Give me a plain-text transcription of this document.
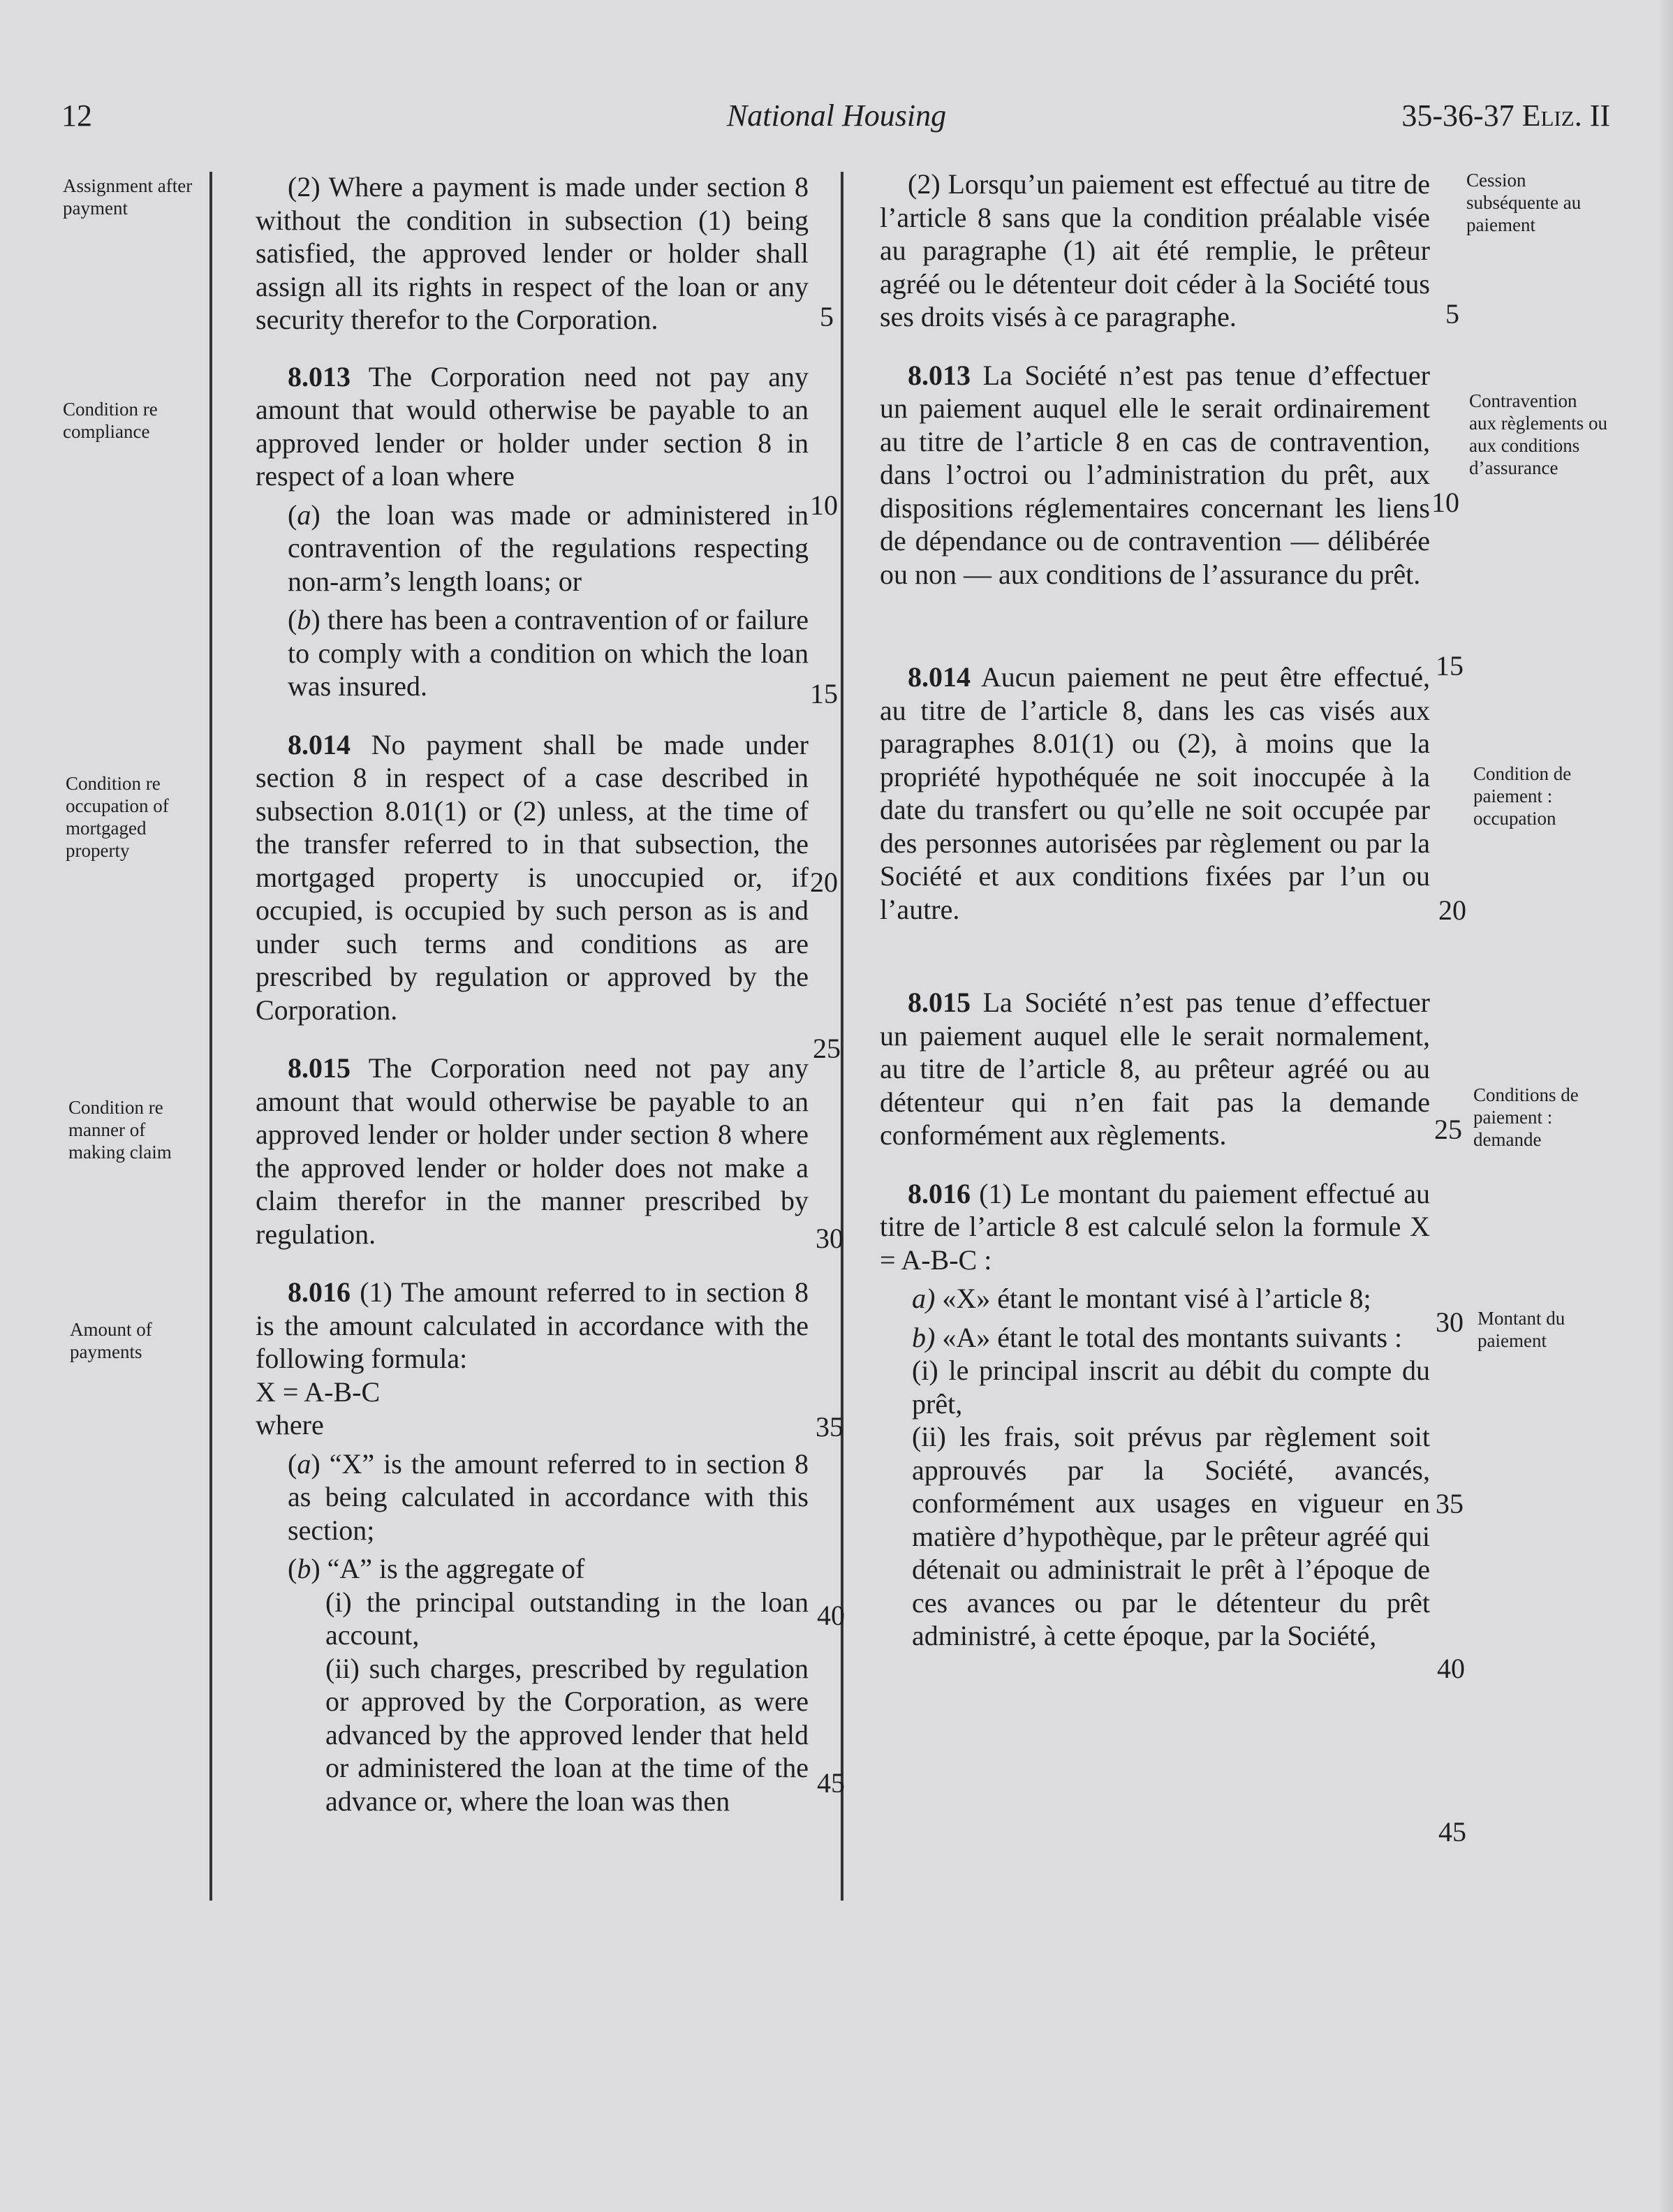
12	National Housing	35-36-37 Eliz. II
Assignment after payment
Condition re compliance
Condition re occupation of mortgaged property
Condition re manner of making claim
Amount of payments
Cession subséquente au paiement
Contravention aux règlements ou aux conditions d’assurance
Condition de paiement : occupation
Conditions de paiement : demande
Montant du paiement

(2) Where a payment is made under section 8 without the condition in subsection (1) being satisfied, the approved lender or holder shall assign all its rights in respect of the loan or any security therefor to the Corporation.

8.013 The Corporation need not pay any amount that would otherwise be payable to an approved lender or holder under section 8 in respect of a loan where

(a) the loan was made or administered in contravention of the regulations respecting non-arm’s length loans; or

(b) there has been a contravention of or failure to comply with a condition on which the loan was insured.

8.014 No payment shall be made under section 8 in respect of a case described in subsection 8.01(1) or (2) unless, at the time of the transfer referred to in that subsection, the mortgaged property is unoccupied or, if occupied, is occupied by such person as is and under such terms and conditions as are prescribed by regulation or approved by the Corporation.

8.015 The Corporation need not pay any amount that would otherwise be payable to an approved lender or holder under section 8 where the approved lender or holder does not make a claim therefor in the manner prescribed by regulation.

8.016 (1) The amount referred to in section 8 is the amount calculated in accordance with the following formula:

X = A-B-C

where

(a) “X” is the amount referred to in section 8 as being calculated in accordance with this section;

(b) “A” is the aggregate of

(i) the principal outstanding in the loan account,

(ii) such charges, prescribed by regulation or approved by the Corporation, as were advanced by the approved lender that held or administered the loan at the time of the advance or, where the loan was then

(2) Lorsqu’un paiement est effectué au titre de l’article 8 sans que la condition préalable visée au paragraphe (1) ait été remplie, le prêteur agréé ou le détenteur doit céder à la Société tous ses droits visés à ce paragraphe.

8.013 La Société n’est pas tenue d’effectuer un paiement auquel elle le serait ordinairement au titre de l’article 8 en cas de contravention, dans l’octroi ou l’administration du prêt, aux dispositions réglementaires concernant les liens de dépendance ou de contravention — délibérée ou non — aux conditions de l’assurance du prêt.

8.014 Aucun paiement ne peut être effectué, au titre de l’article 8, dans les cas visés aux paragraphes 8.01(1) ou (2), à moins que la propriété hypothéquée ne soit inoccupée à la date du transfert ou qu’elle ne soit occupée par des personnes autorisées par règlement ou par la Société et aux conditions fixées par l’un ou l’autre.

8.015 La Société n’est pas tenue d’effectuer un paiement auquel elle le serait normalement, au titre de l’article 8, au prêteur agréé ou au détenteur qui n’en fait pas la demande conformément aux règlements.

8.016 (1) Le montant du paiement effectué au titre de l’article 8 est calculé selon la formule X = A-B-C :

a) «X» étant le montant visé à l’article 8;

b) «A» étant le total des montants suivants :

(i) le principal inscrit au débit du compte du prêt,

(ii) les frais, soit prévus par règlement soit approuvés par la Société, avancés, conformément aux usages en vigueur en matière d’hypothèque, par le prêteur agréé qui détenait ou administrait le prêt à l’époque de ces avances ou par le détenteur du prêt administré, à cette époque, par la Société,

5
10
15
20
25
30
35
40
45
5
10
15
20
25
30
35
40
45
